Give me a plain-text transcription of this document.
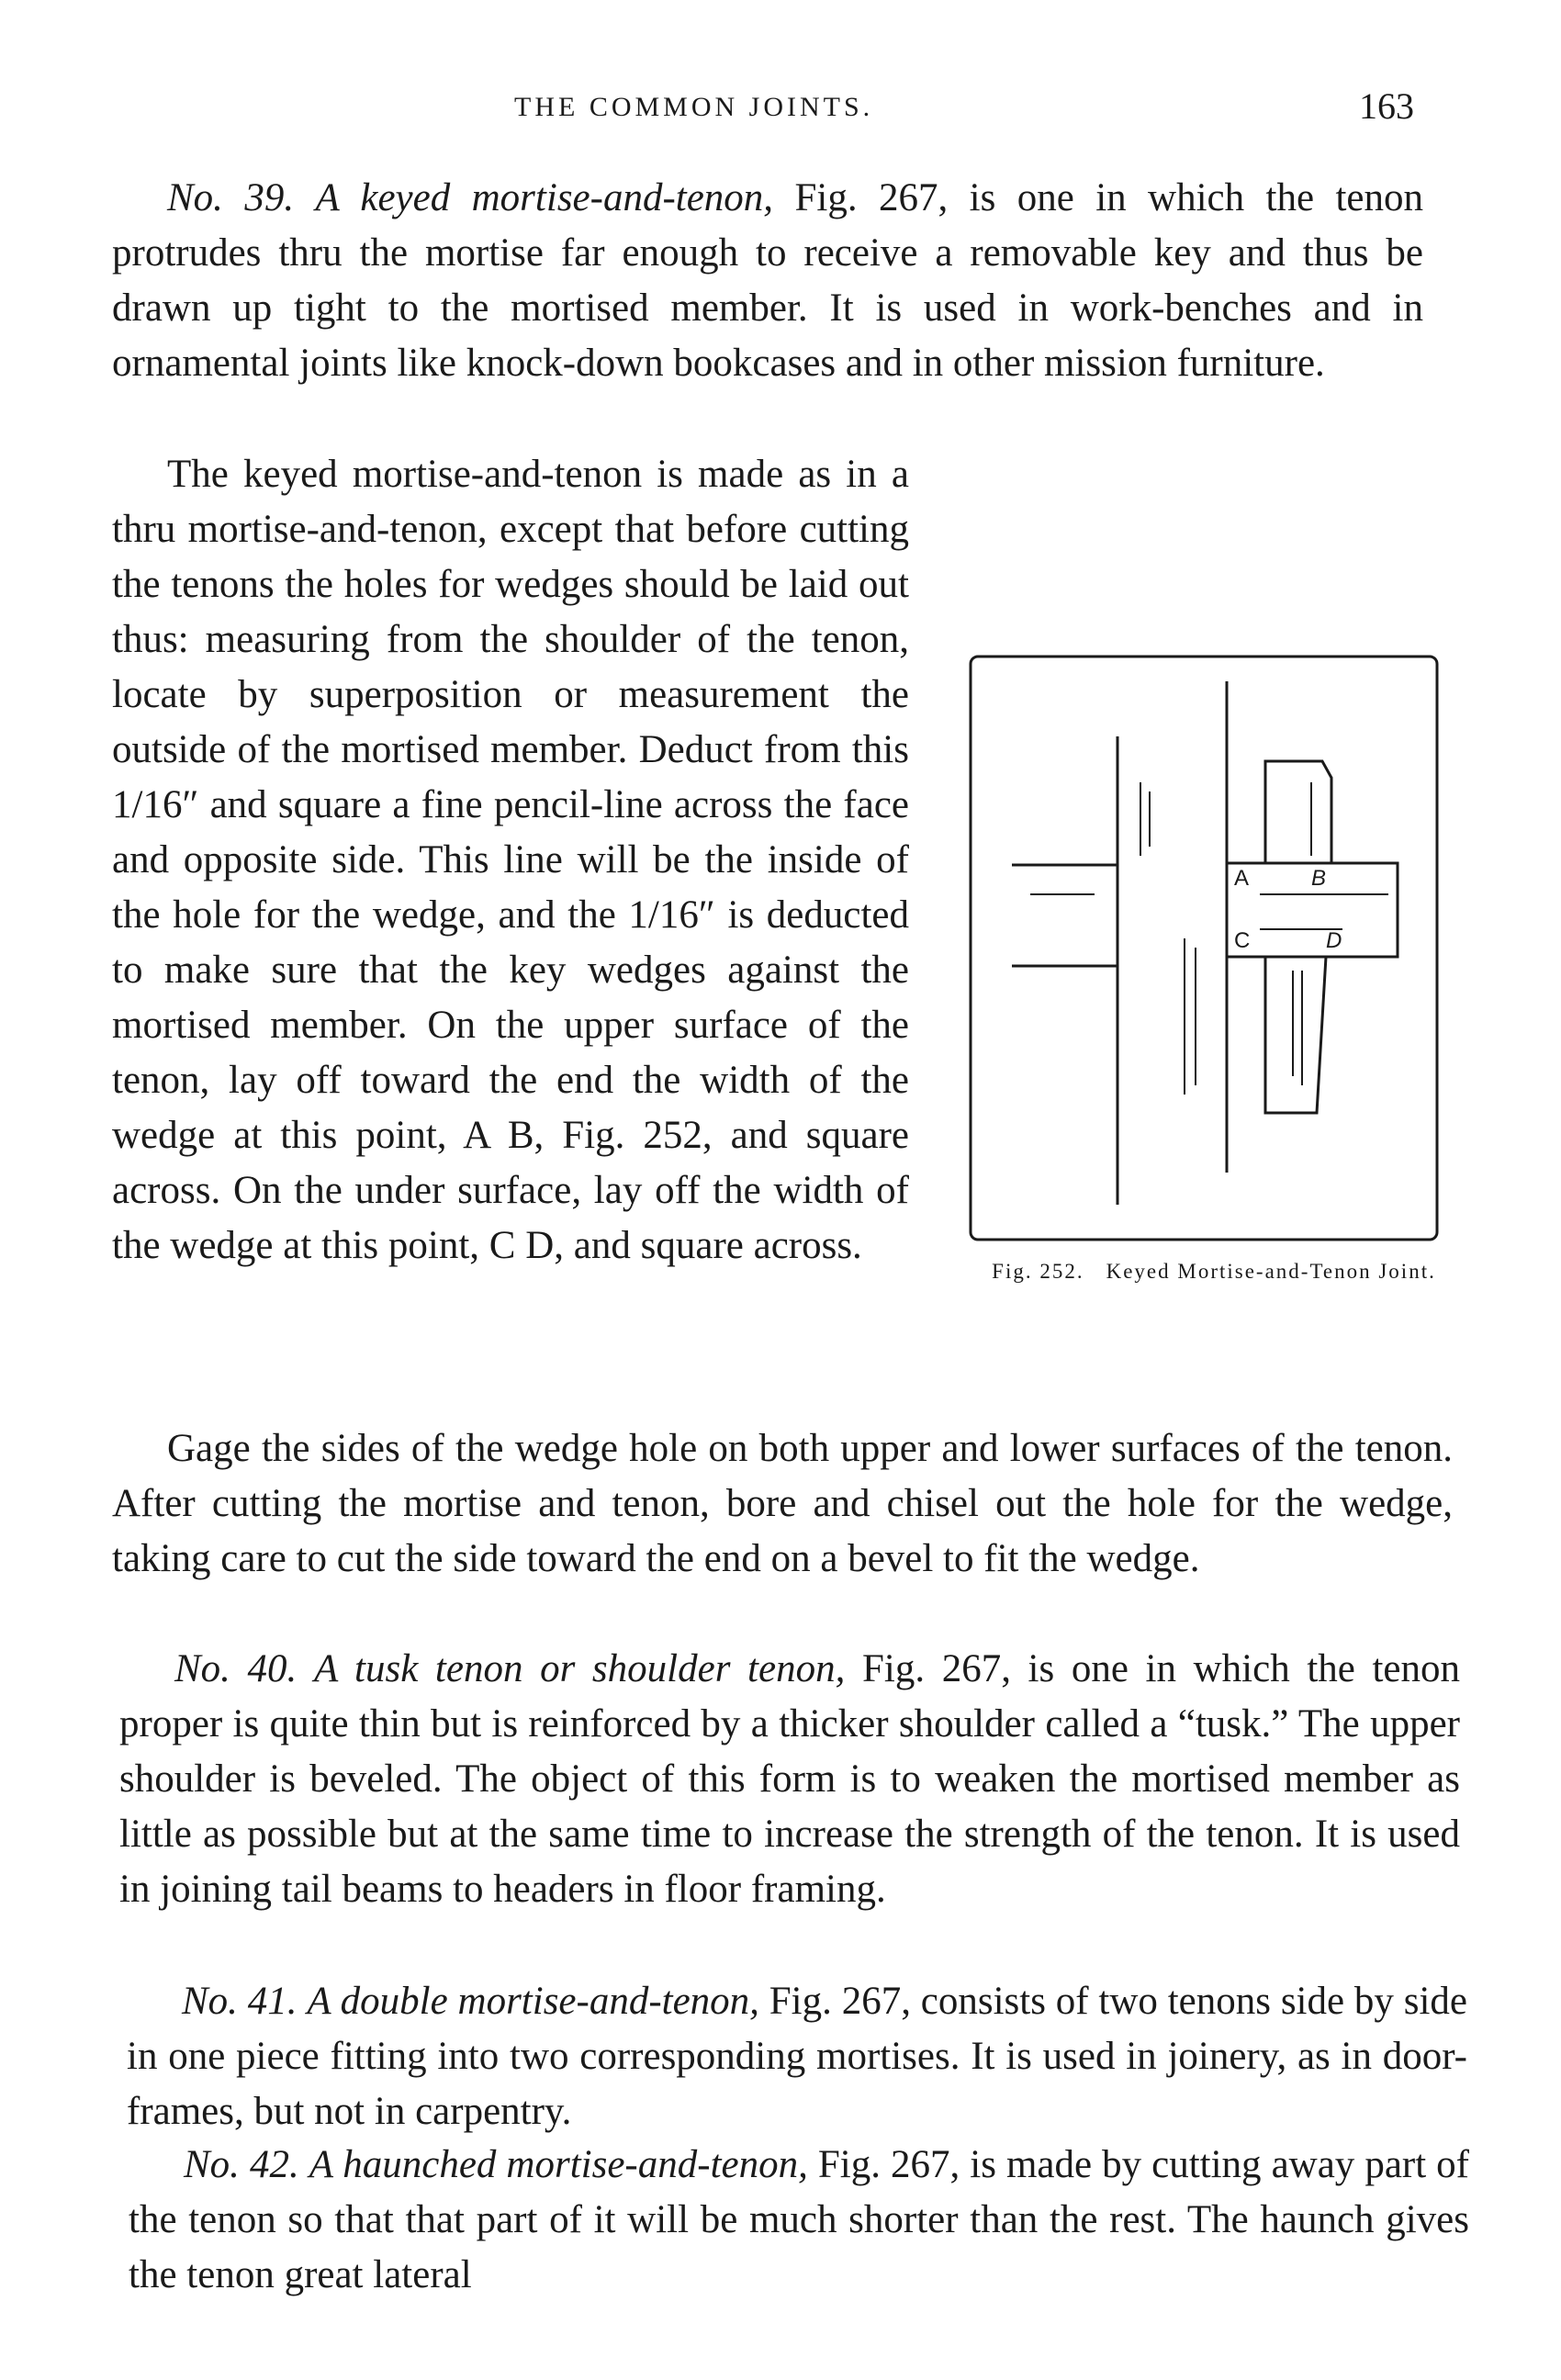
THE COMMON JOINTS.	163

No. 39. A keyed mortise-and-tenon, Fig. 267, is one in which the tenon protrudes thru the mortise far enough to receive a removable key and thus be drawn up tight to the mortised member. It is used in work-benches and in ornamental joints like knock-down bookcases and in other mission furniture.

The keyed mortise-and-tenon is made as in a thru mortise-and-tenon, except that before cutting the tenons the holes for wedges should be laid out thus: measuring from the shoulder of the tenon, locate by superposition or measurement the outside of the mortised member. Deduct from this 1/16″ and square a fine pencil-line across the face and opposite side. This line will be the inside of the hole for the wedge, and the 1/16″ is deducted to make sure that the key wedges against the mortised member. On the upper surface of the tenon, lay off toward the end the width of the wedge at this point, A B, Fig. 252, and square across. On the under surface, lay off the width of the wedge at this point, C D, and square across.

Gage the sides of the wedge hole on both upper and lower surfaces of the tenon. After cutting the mortise and tenon, bore and chisel out the hole for the wedge, taking care to cut the side toward the end on a bevel to fit the wedge.

No. 40. A tusk tenon or shoulder tenon, Fig. 267, is one in which the tenon proper is quite thin but is reinforced by a thicker shoulder called a “tusk.” The upper shoulder is beveled. The object of this form is to weaken the mortised member as little as possible but at the same time to increase the strength of the tenon. It is used in joining tail beams to headers in floor framing.

No. 41. A double mortise-and-tenon, Fig. 267, consists of two tenons side by side in one piece fitting into two corresponding mortises. It is used in joinery, as in door-frames, but not in carpentry.

No. 42. A haunched mortise-and-tenon, Fig. 267, is made by cutting away part of the tenon so that that part of it will be much shorter than the rest. The haunch gives the tenon great lateral

A	B
C	D
Fig. 252. Keyed Mortise-and-Tenon Joint.
